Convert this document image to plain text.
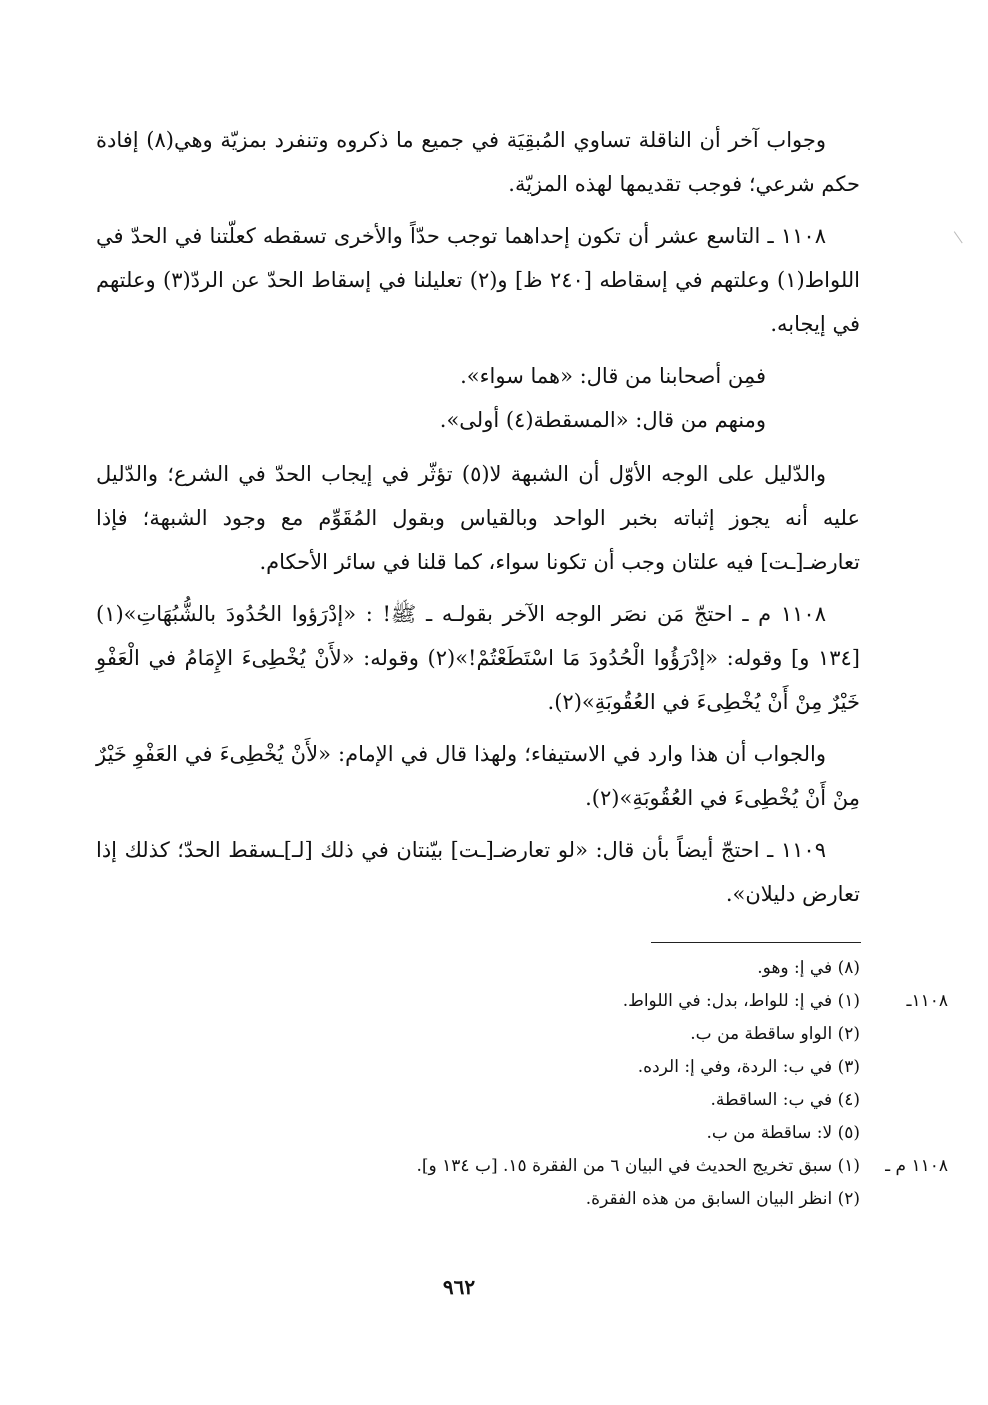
وجواب آخر أن الناقلة تساوي المُبقِيَة في جميع ما ذكروه وتنفرد بمزيّة وهي(٨) إفادة حكم شرعي؛ فوجب تقديمها لهذه المزيّة.

١١٠٨ ـ التاسع عشر أن تكون إحداهما توجب حدّاً والأخرى تسقطه كعلّتنا في الحدّ في اللواط(١) وعلتهم في إسقاطه [٢٤٠ ظ] و(٢) تعليلنا في إسقاط الحدّ عن الردّ(٣) وعلتهم في إيجابه.

فمِن أصحابنا من قال: «هما سواء».

ومنهم من قال: «المسقطة(٤) أولى».

والدّليل على الوجه الأوّل أن الشبهة لا(٥) تؤثّر في إيجاب الحدّ في الشرع؛ والدّليل عليه أنه يجوز إثباته بخبر الواحد وبالقياس وبقول المُقَوِّم مع وجود الشبهة؛ فإذا تعارضـ[ـت] فيه علتان وجب أن تكونا سواء، كما قلنا في سائر الأحكام.

١١٠٨ م ـ احتجّ مَن نصَر الوجه الآخر بقولـه ـ ﷺ! : «إدْرَؤوا الحُدُودَ بالشُّبُهَاتِ»(١) [١٣٤ و] وقوله: «إدْرَؤُوا الْحُدُودَ مَا اسْتَطَعْتُمْ!»(٢) وقوله: «لأَنْ يُخْطِىءَ الإِمَامُ في الْعَفْوِ خَيْرٌ مِنْ أَنْ يُخْطِىءَ في العُقُوبَةِ»(٢).

والجواب أن هذا وارد في الاستيفاء؛ ولهذا قال في الإمام: «لأَنْ يُخْطِىءَ في العَفْوِ خَيْرٌ مِنْ أَنْ يُخْطِىءَ في العُقُوبَةِ»(٢).

١١٠٩ ـ احتجّ أيضاً بأن قال: «لو تعارضـ[ـت] بيّنتان في ذلك [لـ]ـسقط الحدّ؛ كذلك إذا تعارض دليلان».

(٨) في إ: وهو.

١١٠٨ـ
(١) في إ: للواط، بدل: في اللواط.

(٢) الواو ساقطة من ب.

(٣) في ب: الردة، وفي إ: الرده.

(٤) في ب: الساقطة.

(٥) لا: ساقطة من ب.

١١٠٨ م ـ
(١) سبق تخريج الحديث في البيان ٦ من الفقرة ١٥. [ب ١٣٤ و].

(٢) انظر البيان السابق من هذه الفقرة.

٩٦٢
